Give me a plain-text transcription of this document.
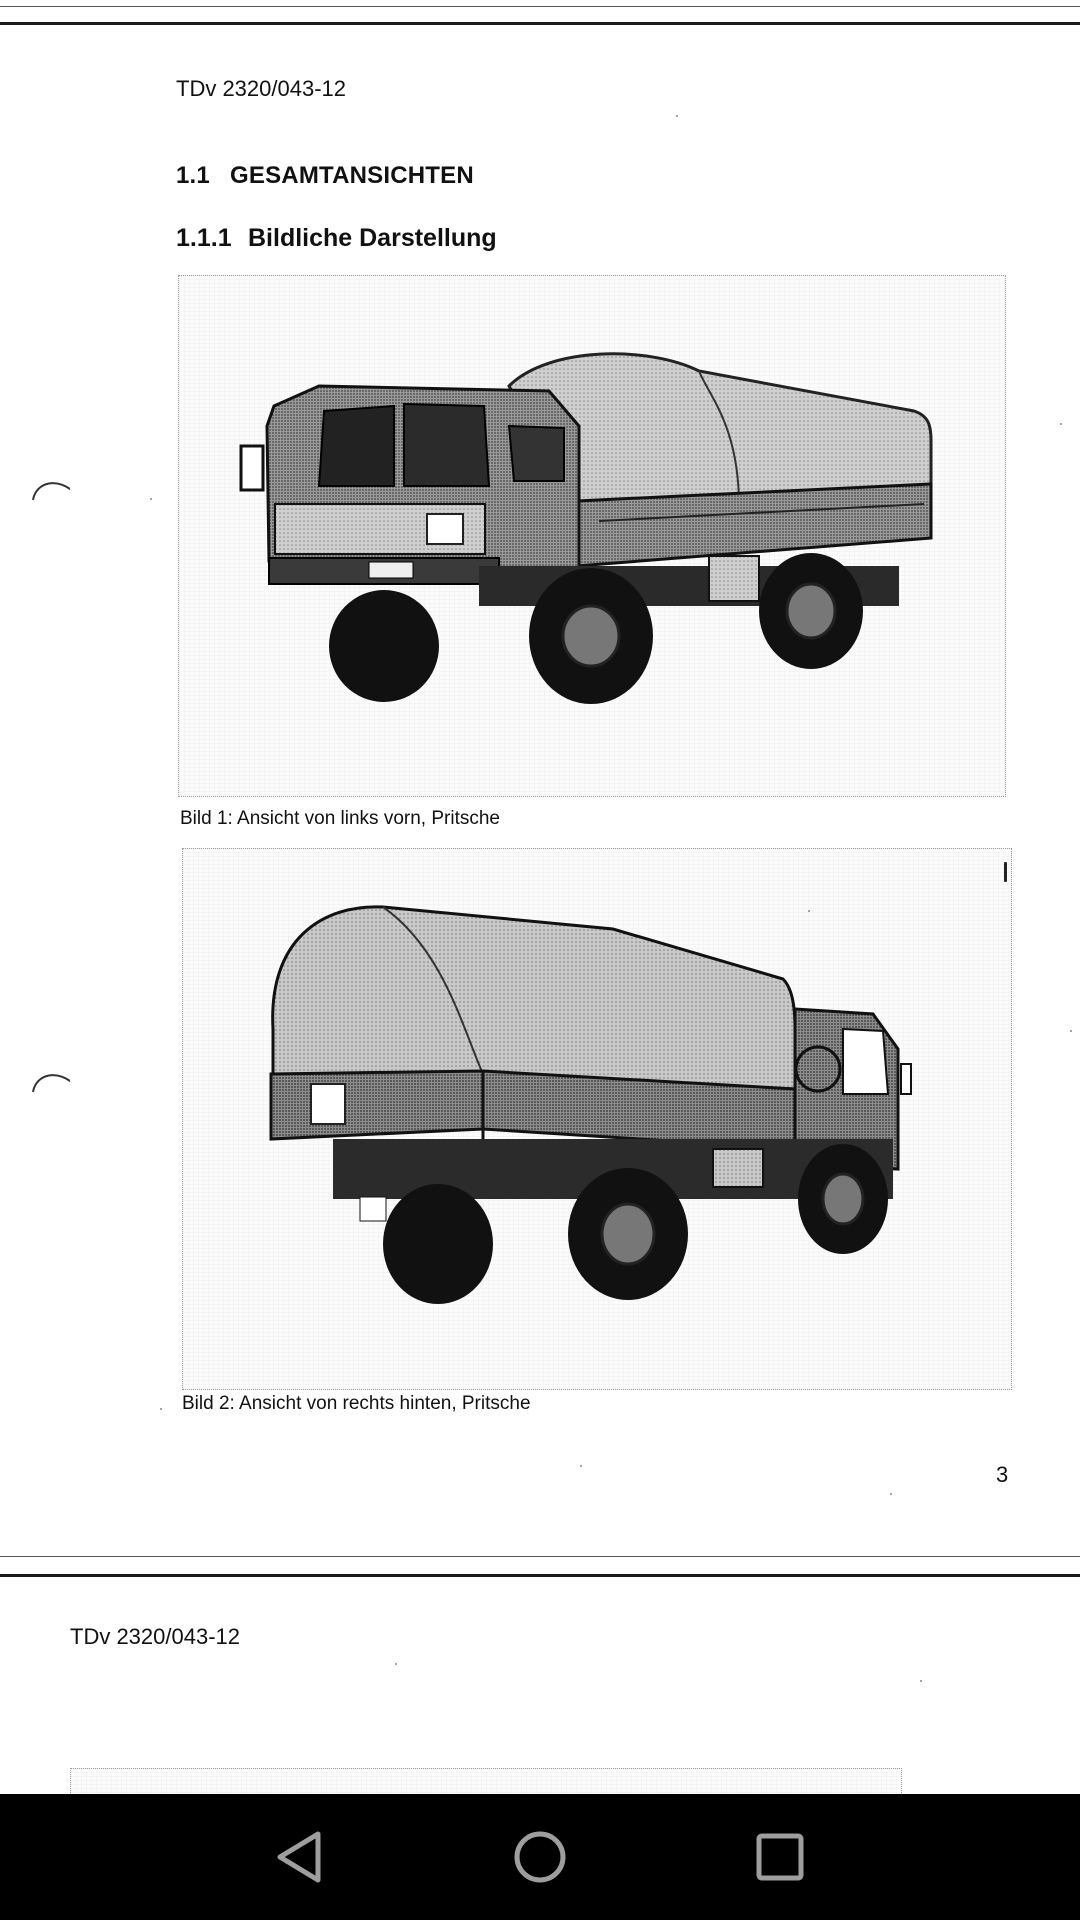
TDv 2320/043-12
1.1 GESAMTANSICHTEN
1.1.1 Bildliche Darstellung
Bild 1: Ansicht von links vorn, Pritsche
Bild 2: Ansicht von rechts hinten, Pritsche
3
TDv 2320/043-12
